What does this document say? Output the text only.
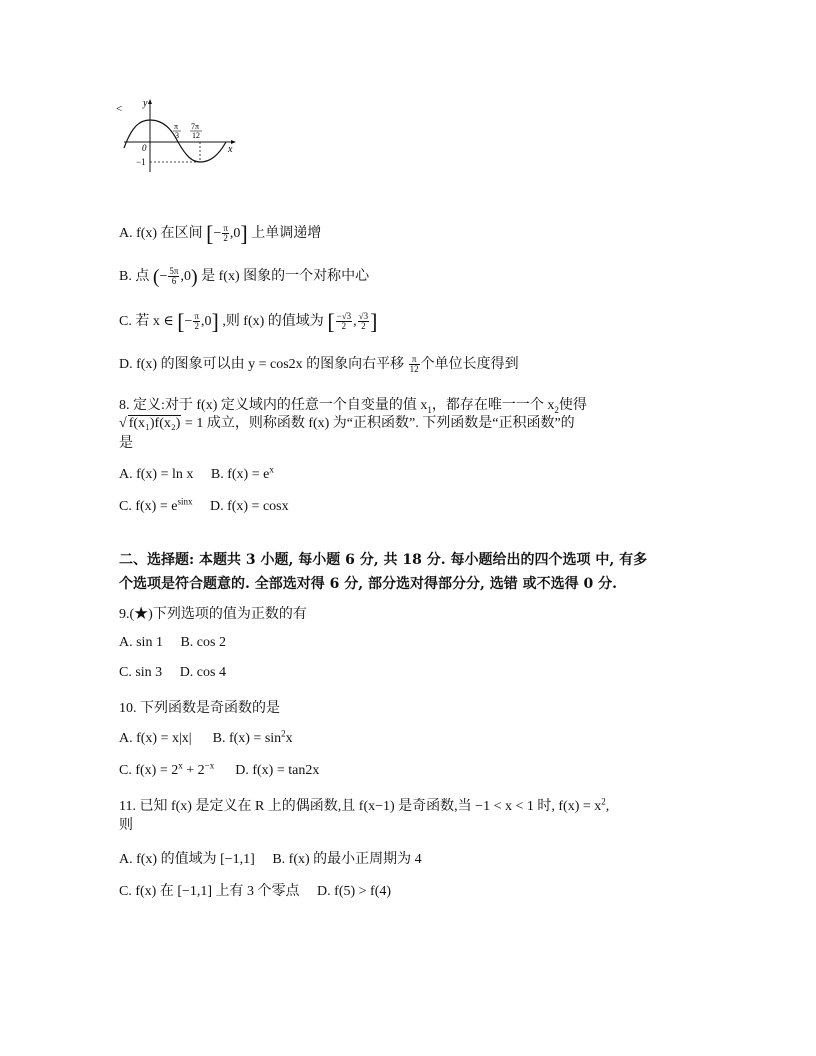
< y
x
0
−1
π
3
7π
12
A. f(x) 在区间 [− $\frac{\pi}{2} ,0$] 上单调递增
B. 点 (− $\frac{5\pi}{6} ,0$) 是 f(x) 图象的一个对称中心
C. 若 x ∈ [− $\frac{\pi}{2} ,0$] ,则 f(x) 的值域为 [ $\frac{-√3}{2}$ , $\frac{√3}{2}$ ]
D. f(x) 的图象可以由 y = cos2x 的图象向右平移 $\frac{\pi}{12}$ 个单位长度得到
8. 定义:对于 f(x) 定义域内的任意一个自变量的值 $x_1$，都存在唯一一个 $x_2$使得
√ f(x₁)f(x₂) = 1 成立，则称函数 f(x) 为“正积函数”. 下列函数是“正积函数”的
是
A. f(x) = ln x B. $f(x) = e^x$
C. $f(x) = e^{sinx}$ D. f(x) = cosx
二、选择题: 本题共 3 小题, 每小题 6 分, 共 18 分. 每小题给出的四个选项 中, 有多
个选项是符合题意的. 全部选对得 6 分, 部分选对得部分分, 选错 或不选得 0 分.
9.(★)下列选项的值为正数的有
A. sin 1 B. cos 2
C. sin 3 D. cos 4
10. 下列函数是奇函数的是
A. f(x) = x|x| B. $f(x) = \sin^2x$
C. $f(x) = 2^x + 2^{-x}$ D. f(x) = tan2x
11. 已知 f(x) 是定义在 R 上的偶函数,且 f(x−1) 是奇函数,当 −1 < x < 1 时, $f(x) = x^2$,
则
A. f(x) 的值域为 [−1,1] B. f(x) 的最小正周期为 4
C. f(x) 在 [−1,1] 上有 3 个零点 D. f(5) > f(4)
